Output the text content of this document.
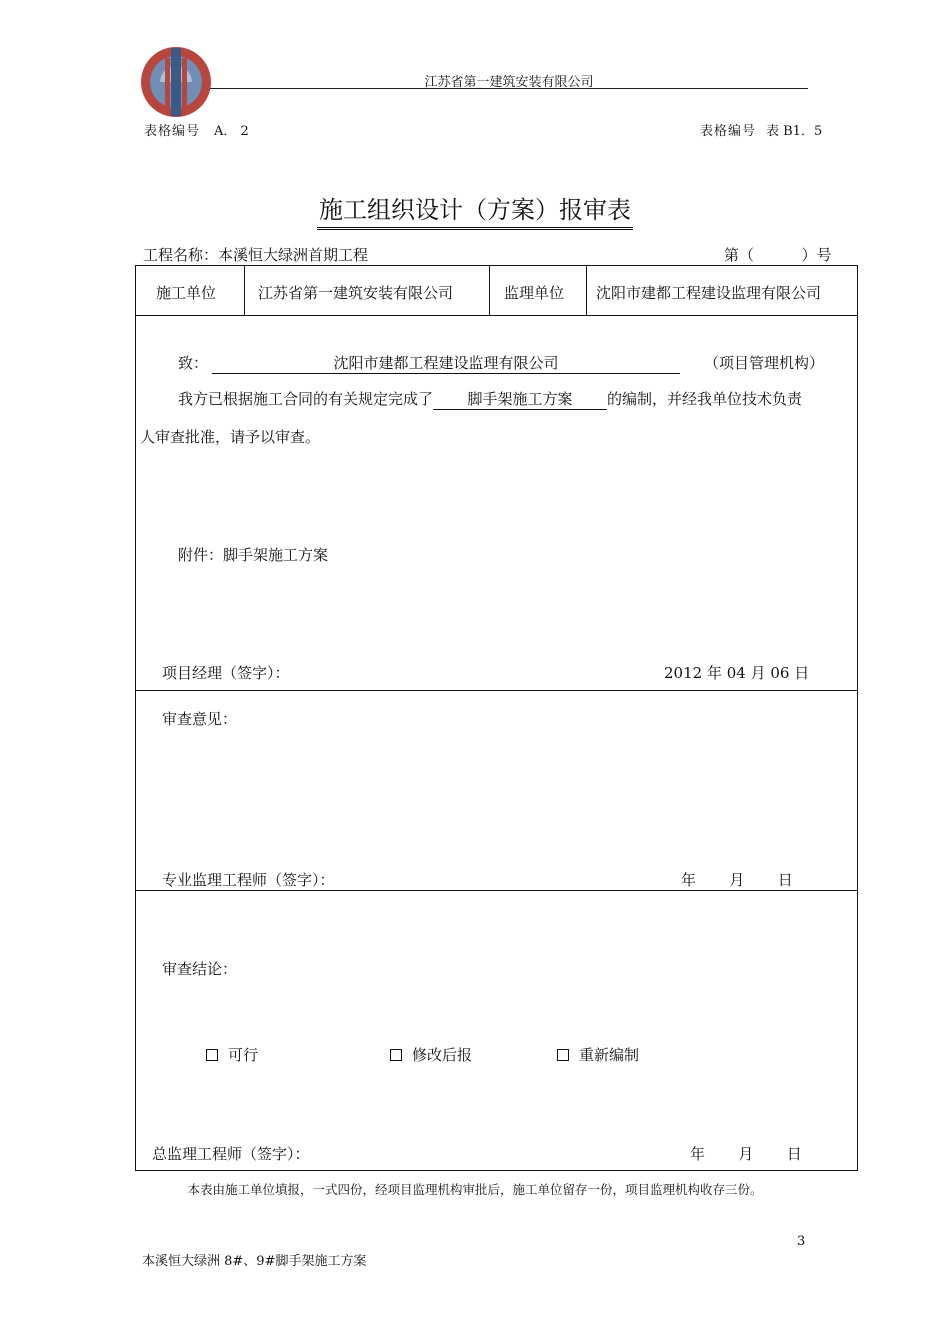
江苏省第一建筑安装有限公司
表格编号 A． 2	表格编号 表 B1．5
施工组织设计（方案）报审表
工程名称：本溪恒大绿洲首期工程	第（          ）号
施工单位	江苏省第一建筑安装有限公司	监理单位 沈阳市建都工程建设监理有限公司
致：	沈阳市建都工程建设监理有限公司	（项目管理机构）
我方已根据施工合同的有关规定完成了 脚手架施工方案 的编制，并经我单位技术负责
人审查批准，请予以审查。
附件：脚手架施工方案
项目经理（签字）：	2012 年 04 月 06 日
审查意见：
专业监理工程师（签字）：	年       月       日
审查结论：
可行	修改后报	重新编制
总监理工程师（签字）：	年       月       日
本表由施工单位填报，一式四份，经项目监理机构审批后，施工单位留存一份，项目监理机构收存三份。
3
本溪恒大绿洲 8#、9#脚手架施工方案
